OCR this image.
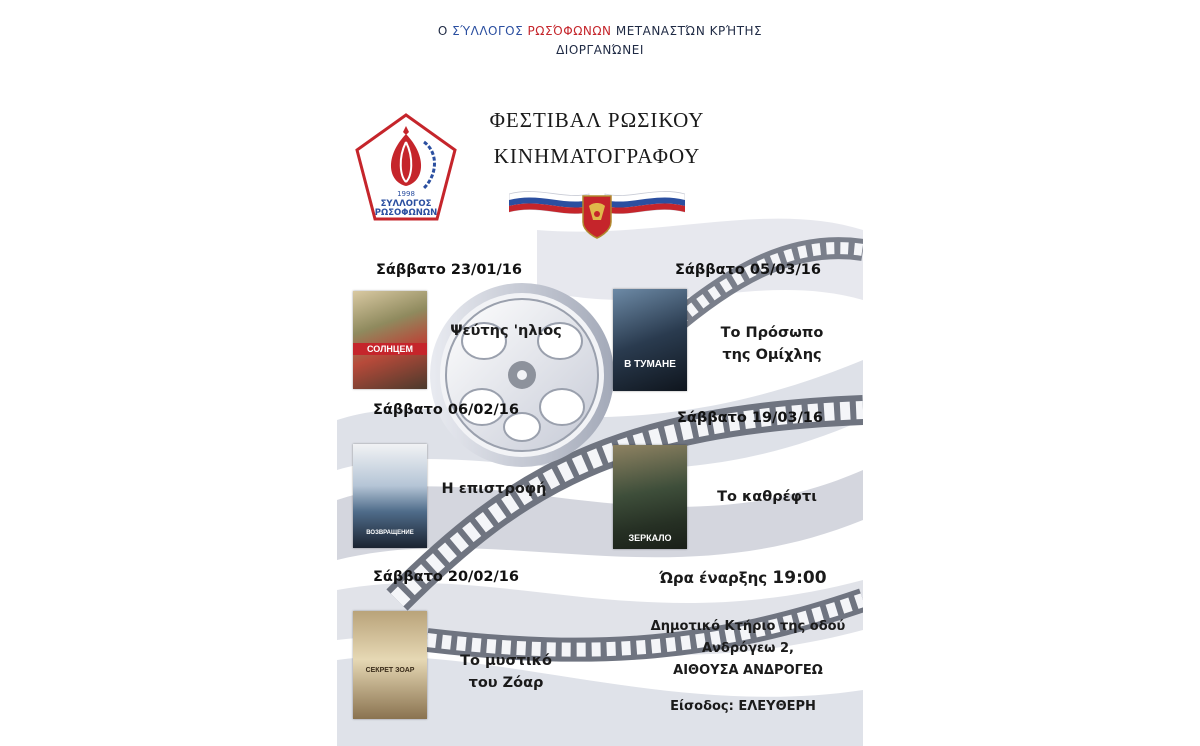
Ο ΣΎΛΛΟΓΟΣ ΡΩΣΌΦΩΝΩΝ ΜΕΤΑΝΑΣΤΏΝ ΚΡΉΤΗΣ
ΔΙΟΡΓΑΝΏΝΕΙ
ΦΕΣΤΙΒΑΛ ΡΩΣΙΚΟΥ
ΚΙΝΗΜΑΤΟΓΡΑΦΟΥ
1998
ΣΥΛΛΟΓΟΣ
ΡΩΣΟΦΩΝΩΝ
Σάββατο 23/01/16
СОЛНЦЕМ
Ψεύτης 'ηλιος
Σάββατο 06/02/16
ВОЗВРАЩЕНИЕ
Η επιστροφή
Σάββατο 20/02/16
СЕКРЕТ ЗОАР
Το μυστικό
του Ζόαρ
Σάββατο 05/03/16
В ТУМАНЕ
Το Πρόσωπο
της Ομίχλης
Σάββατο 19/03/16
ЗЕРКАЛО
Το καθρέφτι
Ώρα έναρξης 19:00
Δημοτικό Κτήριο της οδού
Ανδρόγεω 2,
ΑΙΘΟΥΣΑ ΑΝΔΡΟΓΕΩ
Είσοδος: ΕΛΕΥΘΕΡΗ
